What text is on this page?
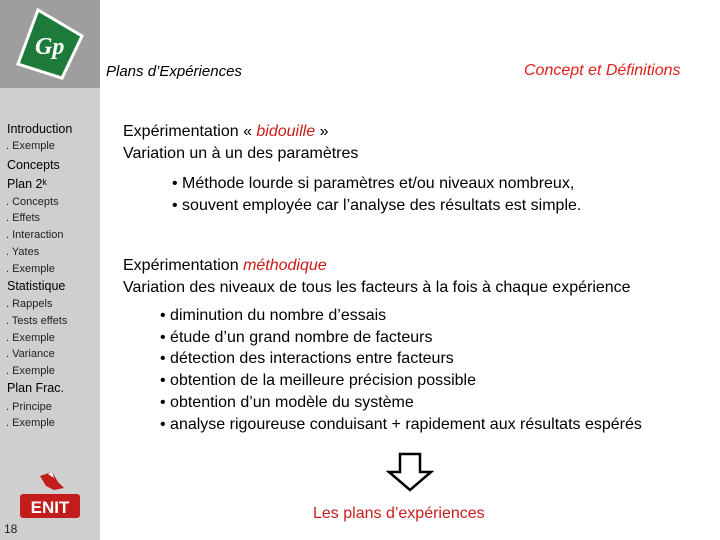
Gp
Introduction
. Exemple
Concepts
Plan 2ᵏ
. Concepts
. Effets
. Interaction
. Yates
. Exemple
Statistique
. Rappels
. Tests effets
. Exemple
. Variance
. Exemple
Plan Frac.
. Principe
. Exemple
ENIT
18
Plans d’Expériences	Concept et Définitions
Expérimentation « bidouille »
Variation un à un des paramètres
• Méthode lourde si paramètres et/ou niveaux nombreux,
• souvent employée car l’analyse des résultats est simple.
Expérimentation méthodique
Variation des niveaux de tous les facteurs à la fois à chaque expérience
• diminution du nombre d’essais
• étude d’un grand nombre de facteurs
• détection des interactions entre facteurs
• obtention de la meilleure précision possible
• obtention d’un modèle du système
• analyse rigoureuse conduisant + rapidement aux résultats espérés
Les plans d’expériences
